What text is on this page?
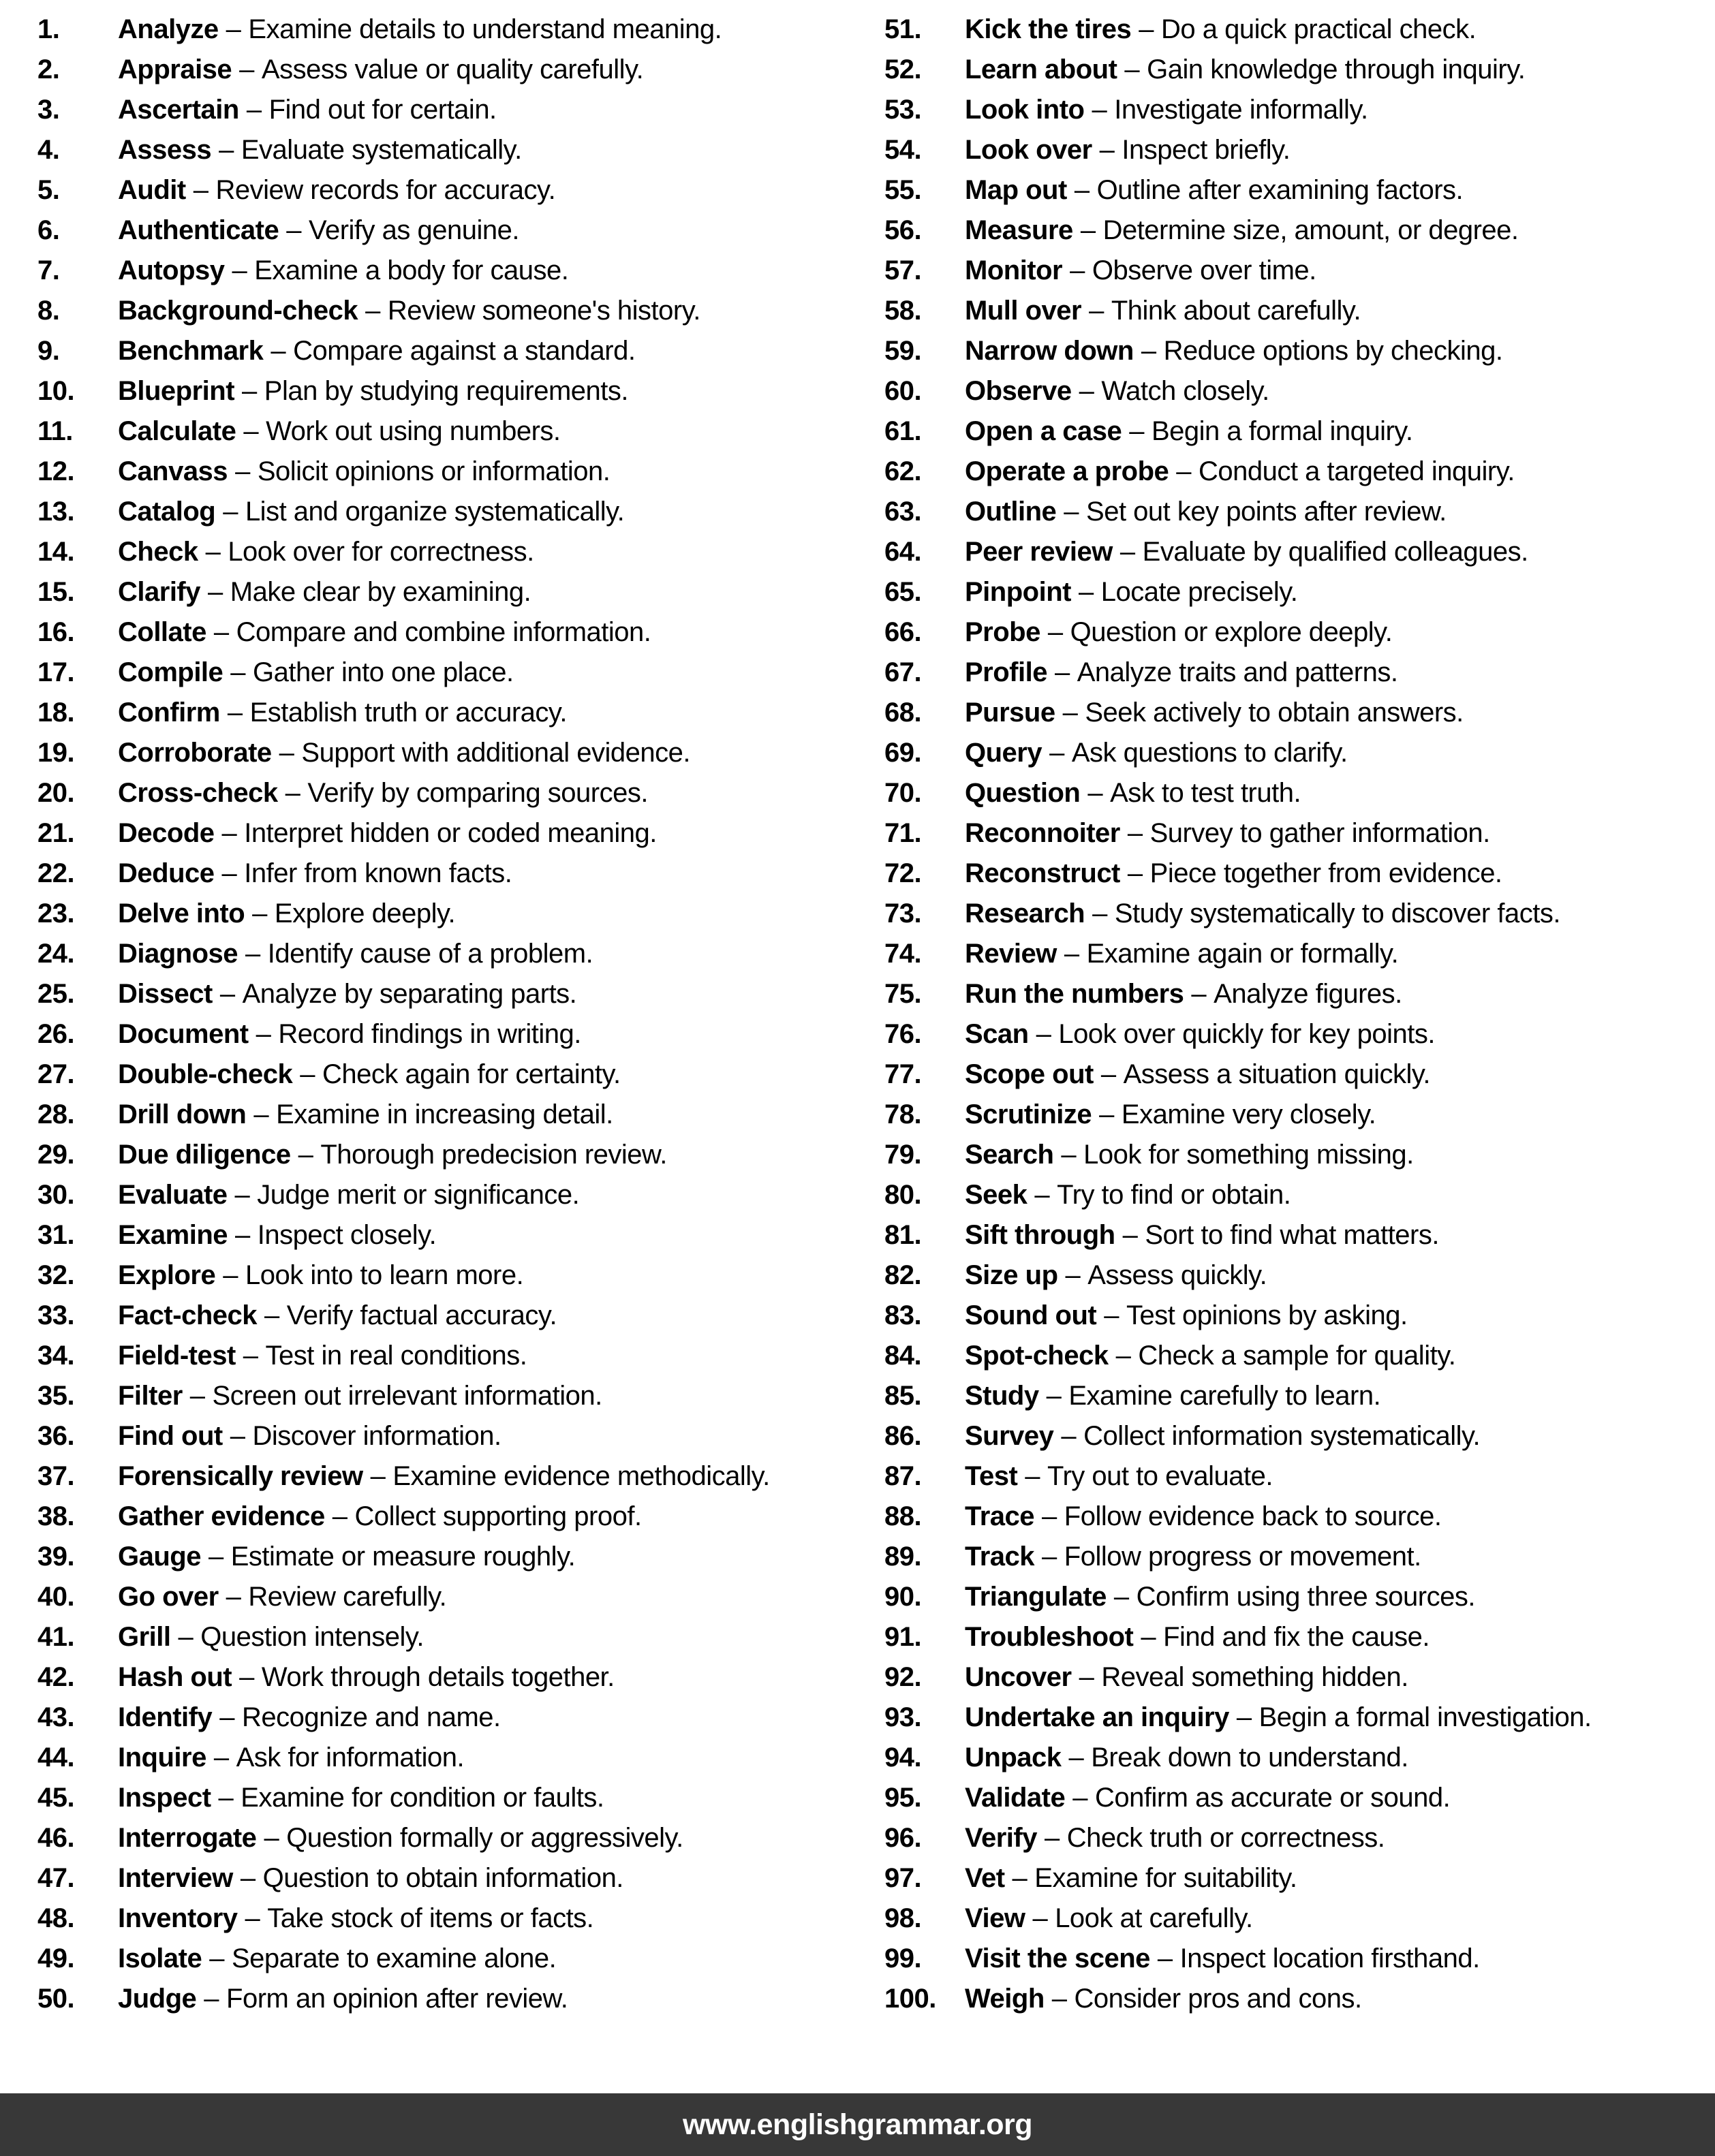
1.	Analyze – Examine details to understand meaning.
2.	Appraise – Assess value or quality carefully.
3.	Ascertain – Find out for certain.
4.	Assess – Evaluate systematically.
5.	Audit – Review records for accuracy.
6.	Authenticate – Verify as genuine.
7.	Autopsy – Examine a body for cause.
8.	Background-check – Review someone's history.
9.	Benchmark – Compare against a standard.
10.	Blueprint – Plan by studying requirements.
11.	Calculate – Work out using numbers.
12.	Canvass – Solicit opinions or information.
13.	Catalog – List and organize systematically.
14.	Check – Look over for correctness.
15.	Clarify – Make clear by examining.
16.	Collate – Compare and combine information.
17.	Compile – Gather into one place.
18.	Confirm – Establish truth or accuracy.
19.	Corroborate – Support with additional evidence.
20.	Cross-check – Verify by comparing sources.
21.	Decode – Interpret hidden or coded meaning.
22.	Deduce – Infer from known facts.
23.	Delve into – Explore deeply.
24.	Diagnose – Identify cause of a problem.
25.	Dissect – Analyze by separating parts.
26.	Document – Record findings in writing.
27.	Double-check – Check again for certainty.
28.	Drill down – Examine in increasing detail.
29.	Due diligence – Thorough predecision review.
30.	Evaluate – Judge merit or significance.
31.	Examine – Inspect closely.
32.	Explore – Look into to learn more.
33.	Fact-check – Verify factual accuracy.
34.	Field-test – Test in real conditions.
35.	Filter – Screen out irrelevant information.
36.	Find out – Discover information.
37.	Forensically review – Examine evidence methodically.
38.	Gather evidence – Collect supporting proof.
39.	Gauge – Estimate or measure roughly.
40.	Go over – Review carefully.
41.	Grill – Question intensely.
42.	Hash out – Work through details together.
43.	Identify – Recognize and name.
44.	Inquire – Ask for information.
45.	Inspect – Examine for condition or faults.
46.	Interrogate – Question formally or aggressively.
47.	Interview – Question to obtain information.
48.	Inventory – Take stock of items or facts.
49.	Isolate – Separate to examine alone.
50.	Judge – Form an opinion after review.
51.	Kick the tires – Do a quick practical check.
52.	Learn about – Gain knowledge through inquiry.
53.	Look into – Investigate informally.
54.	Look over – Inspect briefly.
55.	Map out – Outline after examining factors.
56.	Measure – Determine size, amount, or degree.
57.	Monitor – Observe over time.
58.	Mull over – Think about carefully.
59.	Narrow down – Reduce options by checking.
60.	Observe – Watch closely.
61.	Open a case – Begin a formal inquiry.
62.	Operate a probe – Conduct a targeted inquiry.
63.	Outline – Set out key points after review.
64.	Peer review – Evaluate by qualified colleagues.
65.	Pinpoint – Locate precisely.
66.	Probe – Question or explore deeply.
67.	Profile – Analyze traits and patterns.
68.	Pursue – Seek actively to obtain answers.
69.	Query – Ask questions to clarify.
70.	Question – Ask to test truth.
71.	Reconnoiter – Survey to gather information.
72.	Reconstruct – Piece together from evidence.
73.	Research – Study systematically to discover facts.
74.	Review – Examine again or formally.
75.	Run the numbers – Analyze figures.
76.	Scan – Look over quickly for key points.
77.	Scope out – Assess a situation quickly.
78.	Scrutinize – Examine very closely.
79.	Search – Look for something missing.
80.	Seek – Try to find or obtain.
81.	Sift through – Sort to find what matters.
82.	Size up – Assess quickly.
83.	Sound out – Test opinions by asking.
84.	Spot-check – Check a sample for quality.
85.	Study – Examine carefully to learn.
86.	Survey – Collect information systematically.
87.	Test – Try out to evaluate.
88.	Trace – Follow evidence back to source.
89.	Track – Follow progress or movement.
90.	Triangulate – Confirm using three sources.
91.	Troubleshoot – Find and fix the cause.
92.	Uncover – Reveal something hidden.
93.	Undertake an inquiry – Begin a formal investigation.
94.	Unpack – Break down to understand.
95.	Validate – Confirm as accurate or sound.
96.	Verify – Check truth or correctness.
97.	Vet – Examine for suitability.
98.	View – Look at carefully.
99.	Visit the scene – Inspect location firsthand.
100.	Weigh – Consider pros and cons.
www.englishgrammar.org
